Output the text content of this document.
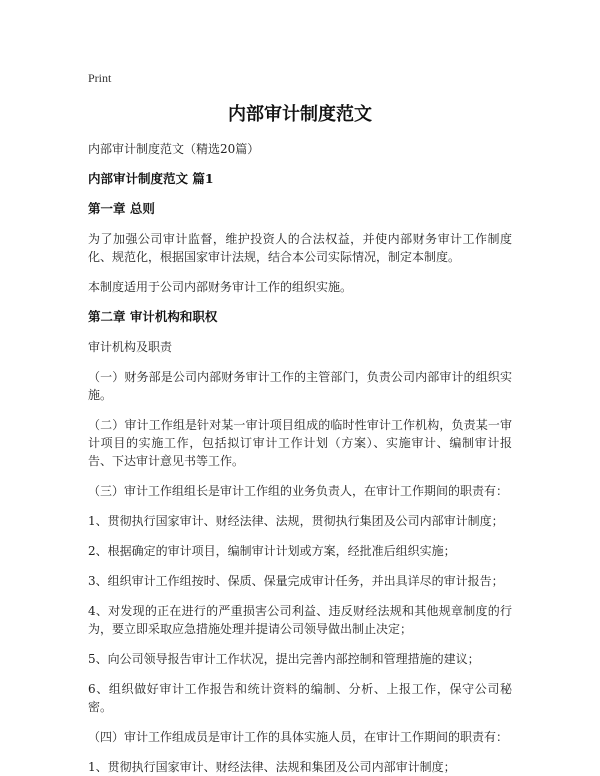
Print
内部审计制度范文

内部审计制度范文（精选20篇）

内部审计制度范文 篇1

第一章 总则

为了加强公司审计监督，维护投资人的合法权益，并使内部财务审计工作制度化、规范化，根据国家审计法规，结合本公司实际情况，制定本制度。

本制度适用于公司内部财务审计工作的组织实施。

第二章 审计机构和职权

审计机构及职责

（一）财务部是公司内部财务审计工作的主管部门，负责公司内部审计的组织实施。

（二）审计工作组是针对某一审计项目组成的临时性审计工作机构，负责某一审计项目的实施工作，包括拟订审计工作计划（方案）、实施审计、编制审计报告、下达审计意见书等工作。

（三）审计工作组组长是审计工作组的业务负责人，在审计工作期间的职责有：

1、贯彻执行国家审计、财经法律、法规，贯彻执行集团及公司内部审计制度；

2、根据确定的审计项目，编制审计计划或方案，经批准后组织实施；

3、组织审计工作组按时、保质、保量完成审计任务，并出具详尽的审计报告；

4、对发现的正在进行的严重损害公司利益、违反财经法规和其他规章制度的行为，要立即采取应急措施处理并提请公司领导做出制止决定；

5、向公司领导报告审计工作状况，提出完善内部控制和管理措施的建议；

6、组织做好审计工作报告和统计资料的编制、分析、上报工作，保守公司秘密。

（四）审计工作组成员是审计工作的具体实施人员，在审计工作期间的职责有：

1、贯彻执行国家审计、财经法律、法规和集团及公司内部审计制度；
